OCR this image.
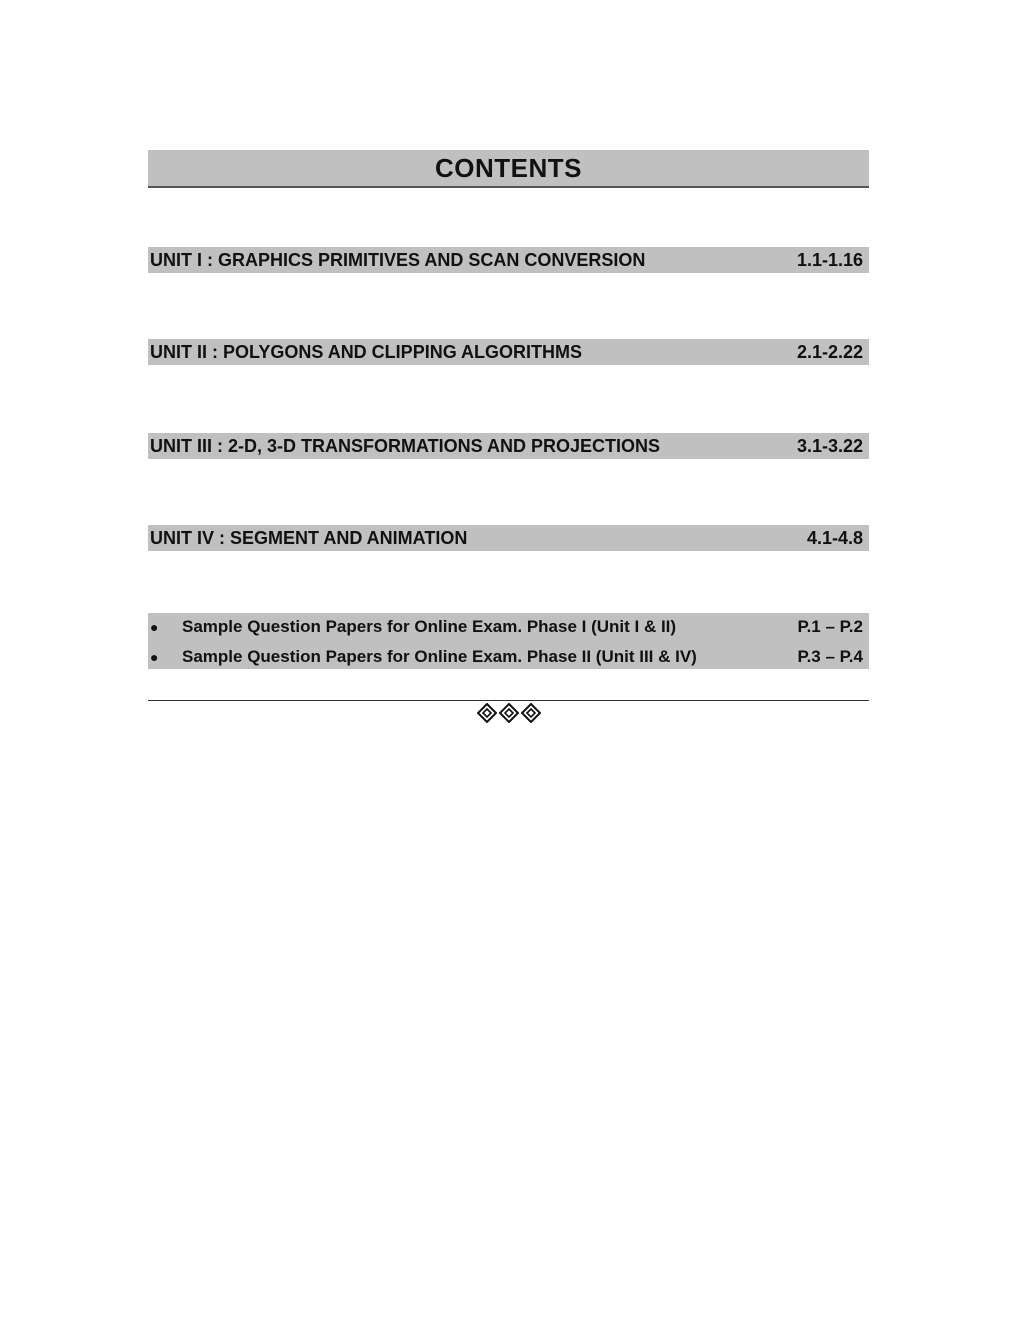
CONTENTS
UNIT I : GRAPHICS PRIMITIVES AND SCAN CONVERSION	1.1-1.16
UNIT II : POLYGONS AND CLIPPING ALGORITHMS	2.1-2.22
UNIT III : 2-D, 3-D TRANSFORMATIONS AND PROJECTIONS	3.1-3.22
UNIT IV : SEGMENT AND ANIMATION	4.1-4.8
●	Sample Question Papers for Online Exam. Phase I (Unit I & II)	P.1 – P.2
●	Sample Question Papers for Online Exam. Phase II (Unit III & IV)	P.3 – P.4
